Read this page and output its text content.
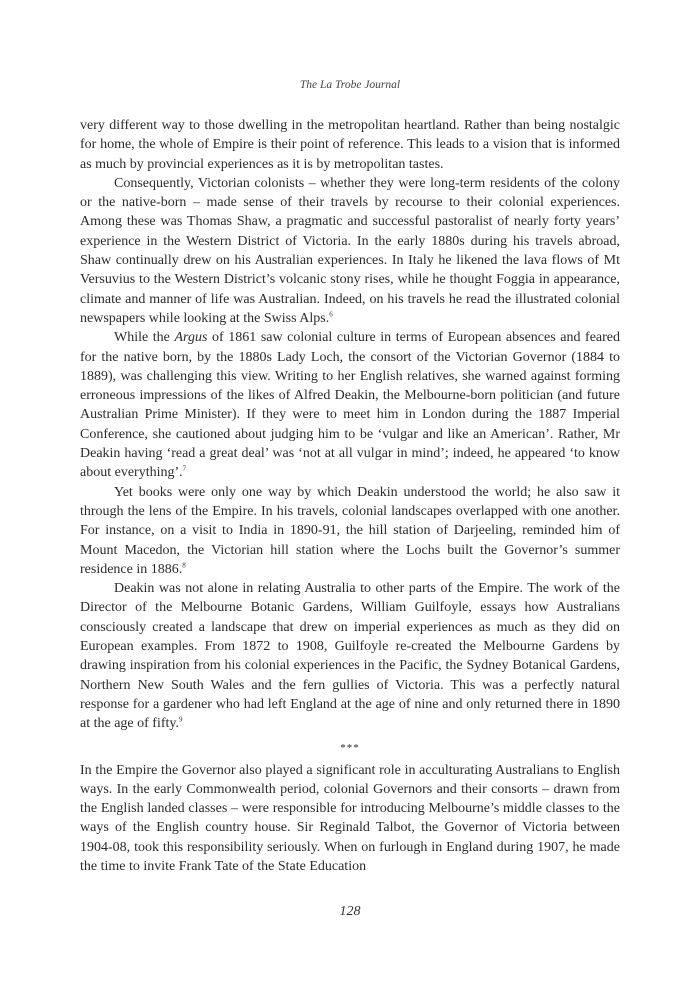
The La Trobe Journal

very different way to those dwelling in the metropolitan heartland. Rather than being nostalgic for home, the whole of Empire is their point of reference. This leads to a vision that is informed as much by provincial experiences as it is by metropolitan tastes.

Consequently, Victorian colonists – whether they were long-term residents of the colony or the native-born – made sense of their travels by recourse to their colonial experiences. Among these was Thomas Shaw, a pragmatic and successful pastoralist of nearly forty years’ experience in the Western District of Victoria. In the early 1880s during his travels abroad, Shaw continually drew on his Australian experiences. In Italy he likened the lava flows of Mt Versuvius to the Western District’s volcanic stony rises, while he thought Foggia in appearance, climate and manner of life was Australian. Indeed, on his travels he read the illustrated colonial newspapers while looking at the Swiss Alps.$^6$

While the Argus of 1861 saw colonial culture in terms of European absences and feared for the native born, by the 1880s Lady Loch, the consort of the Victorian Governor (1884 to 1889), was challenging this view. Writing to her English relatives, she warned against forming erroneous impressions of the likes of Alfred Deakin, the Melbourne-born politician (and future Australian Prime Minister). If they were to meet him in London during the 1887 Imperial Conference, she cautioned about judging him to be ‘vulgar and like an American’. Rather, Mr Deakin having ‘read a great deal’ was ‘not at all vulgar in mind’; indeed, he appeared ‘to know about everything’.$^7$

Yet books were only one way by which Deakin understood the world; he also saw it through the lens of the Empire. In his travels, colonial landscapes overlapped with one another. For instance, on a visit to India in 1890-91, the hill station of Darjeeling, reminded him of Mount Macedon, the Victorian hill station where the Lochs built the Governor’s summer residence in 1886.$^8$

Deakin was not alone in relating Australia to other parts of the Empire. The work of the Director of the Melbourne Botanic Gardens, William Guilfoyle, essays how Australians consciously created a landscape that drew on imperial experiences as much as they did on European examples. From 1872 to 1908, Guilfoyle re-created the Melbourne Gardens by drawing inspiration from his colonial experiences in the Pacific, the Sydney Botanical Gardens, Northern New South Wales and the fern gullies of Victoria. This was a perfectly natural response for a gardener who had left England at the age of nine and only returned there in 1890 at the age of fifty.$^9$

***

In the Empire the Governor also played a significant role in acculturating Australians to English ways. In the early Commonwealth period, colonial Governors and their consorts – drawn from the English landed classes – were responsible for introducing Melbourne’s middle classes to the ways of the English country house. Sir Reginald Talbot, the Governor of Victoria between 1904-08, took this responsibility seriously. When on furlough in England during 1907, he made the time to invite Frank Tate of the State Education

128
